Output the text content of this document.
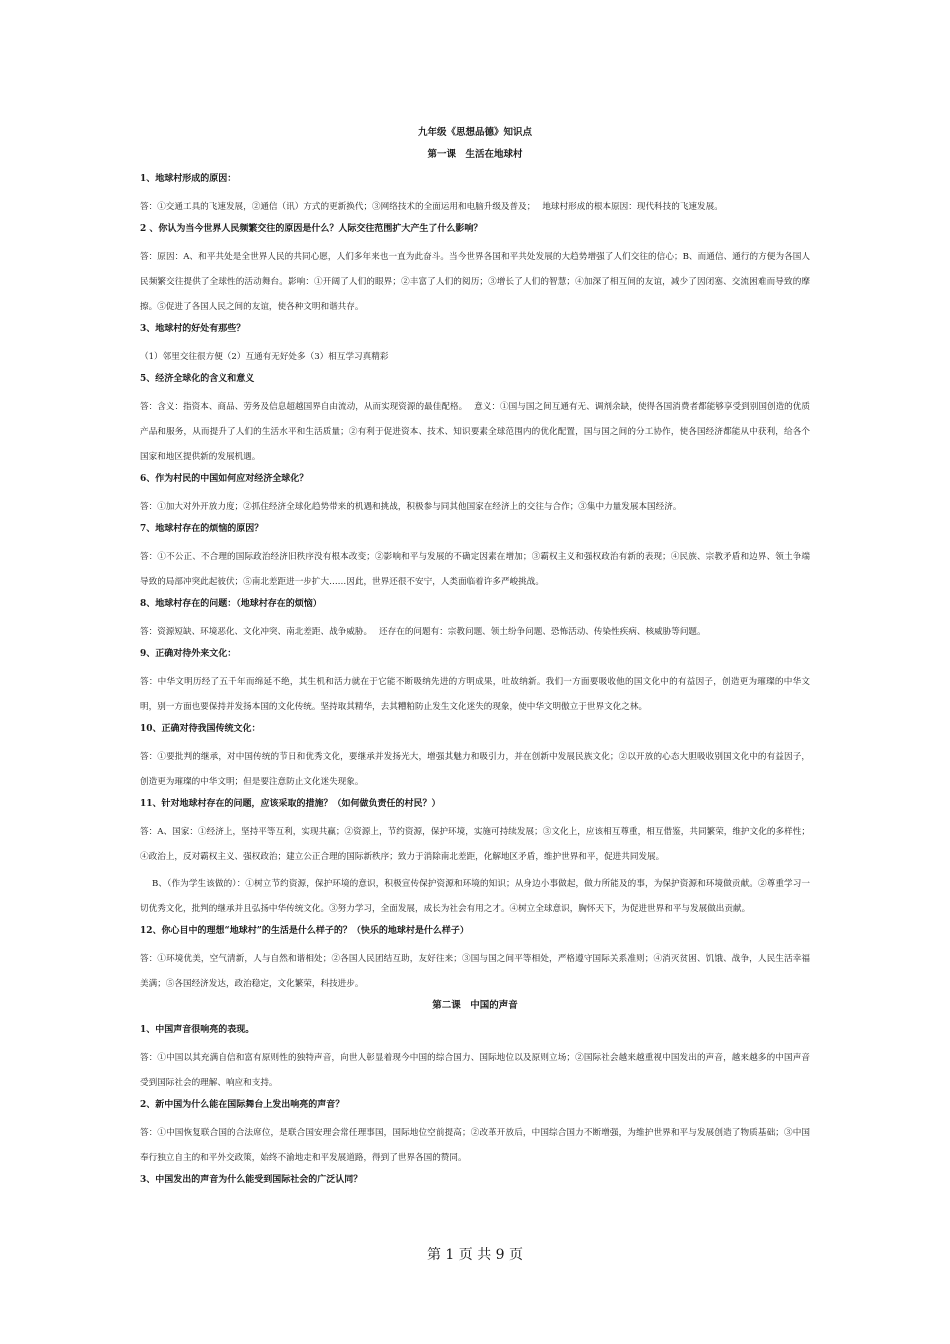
九年级《思想品德》知识点
第一课　生活在地球村
1、地球村形成的原因：
答：①交通工具的飞速发展，②通信（讯）方式的更新换代；③网络技术的全面运用和电脑升级及普及；　 地球村形成的根本原因：现代科技的飞速发展。
2 、你认为当今世界人民频繁交往的原因是什么？人际交往范围扩大产生了什么影响？
答：原因：A、和平共处是全世界人民的共同心愿，人们多年来也一直为此奋斗。当今世界各国和平共处发展的大趋势增强了人们交往的信心；B、而通信、通行的方便为各国人民频繁交往提供了全球性的活动舞台。影响：①开阔了人们的眼界；②丰富了人们的阅历；③增长了人们的智慧；④加深了相互间的友谊，减少了因闭塞、交流困难而导致的摩擦。⑤促进了各国人民之间的友谊，使各种文明和谐共存。
3、地球村的好处有那些？
（1）邻里交往很方便（2）互通有无好处多（3）相互学习真精彩
5、经济全球化的含义和意义
答：含义：指资本、商品、劳务及信息超越国界自由流动，从而实现资源的最佳配格。　 意义：①国与国之间互通有无、调剂余缺，使得各国消费者都能够享受到别国创造的优质产品和服务，从而提升了人们的生活水平和生活质量；②有利于促进资本、技术、知识要素全球范围内的优化配置，国与国之间的分工协作，使各国经济都能从中获利，给各个国家和地区提供新的发展机遇。
6、作为村民的中国如何应对经济全球化？
答：①加大对外开放力度；②抓住经济全球化趋势带来的机遇和挑战，积极参与同其他国家在经济上的交往与合作；③集中力量发展本国经济。
7、地球村存在的烦恼的原因？
答：①不公正、不合理的国际政治经济旧秩序没有根本改变；②影响和平与发展的不确定因素在增加；③霸权主义和强权政治有新的表现；④民族、宗教矛盾和边界、领土争端导致的局部冲突此起彼伏；⑤南北差距进一步扩大……因此，世界还很不安宁，人类面临着许多严峻挑战。
8、地球村存在的问题：（地球村存在的烦恼）
答：资源短缺、环境恶化、文化冲突、南北差距、战争威胁。　 还存在的问题有：宗教问题、领土纷争问题、恐怖活动、传染性疾病、核威胁等问题。
9、正确对待外来文化：
答：中华文明历经了五千年而绵延不绝，其生机和活力就在于它能不断吸纳先进的方明成果，吐故纳新。我们一方面要吸收他的国文化中的有益因子，创造更为璀璨的中华文明，别一方面也要保持并发扬本国的文化传统。坚持取其精华，去其糟粕防止发生文化迷失的现象，使中华文明傲立于世界文化之林。
10、正确对待我国传统文化：
答：①要批判的继承，对中国传统的节日和优秀文化，要继承并发扬光大，增强其魅力和吸引力，并在创新中发展民族文化；②以开放的心态大胆吸收别国文化中的有益因子，创造更为璀璨的中华文明；但是要注意防止文化迷失现象。
11、针对地球村存在的问题，应该采取的措施？（如何做负责任的村民？）
答：A、国家：①经济上，坚持平等互利，实现共赢；②资源上，节约资源，保护环境，实施可持续发展；③文化上，应该相互尊重，相互借鉴，共同繁荣，维护文化的多样性；④政治上，反对霸权主义、强权政治；建立公正合理的国际新秩序；致力于消除南北差距，化解地区矛盾，维护世界和平，促进共同发展。
B、（作为学生该做的）：①树立节约资源，保护环境的意识，积极宣传保护资源和环境的知识；从身边小事做起，做力所能及的事，为保护资源和环境做贡献。②尊重学习一切优秀文化，批判的继承并且弘扬中华传统文化。③努力学习，全面发展，成长为社会有用之才。④树立全球意识，胸怀天下，为促进世界和平与发展做出贡献。
12、你心目中的理想“地球村”的生活是什么样子的？（快乐的地球村是什么样子）
答：①环境优美，空气清新，人与自然和谐相处；②各国人民团结互助，友好往来；③国与国之间平等相处，严格遵守国际关系准则；④消灭贫困、饥饿、战争，人民生活幸福美满；⑤各国经济发达，政治稳定，文化繁荣，科技进步。
第二课　中国的声音
1、中国声音很响亮的表现。
答：①中国以其充满自信和富有原则性的独特声音，向世人彰显着现今中国的综合国力、国际地位以及原则立场；②国际社会越来越重视中国发出的声音，越来越多的中国声音受到国际社会的理解、响应和支持。
2、新中国为什么能在国际舞台上发出响亮的声音？
答：①中国恢复联合国的合法席位，是联合国安理会常任理事国，国际地位空前提高；②改革开放后，中国综合国力不断增强，为维护世界和平与发展创造了物质基础；③中国奉行独立自主的和平外交政策，始终不渝地走和平发展道路，得到了世界各国的赞同。
3、中国发出的声音为什么能受到国际社会的广泛认同？
第 1 页 共 9 页
